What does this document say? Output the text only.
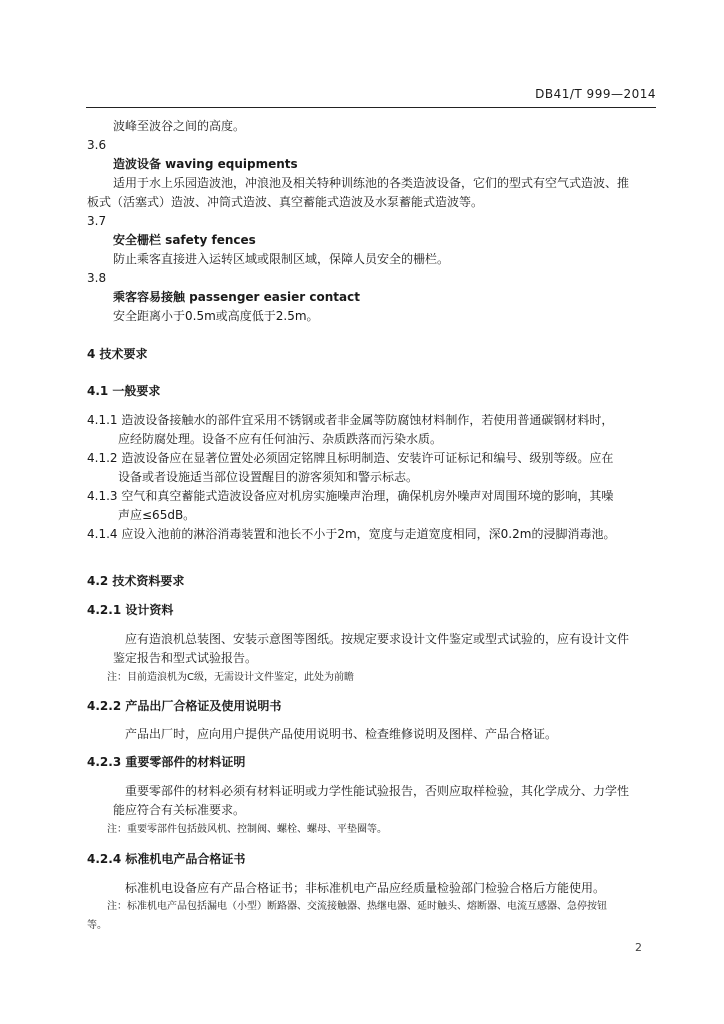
DB41/T 999—2014
波峰至波谷之间的高度。
3.6
造波设备 waving equipments
适用于水上乐园造波池，冲浪池及相关特种训练池的各类造波设备，它们的型式有空气式造波、推
板式（活塞式）造波、冲筒式造波、真空蓄能式造波及水泵蓄能式造波等。
3.7
安全栅栏 safety fences
防止乘客直接进入运转区域或限制区域，保障人员安全的栅栏。
3.8
乘客容易接触 passenger easier contact
安全距离小于0.5m或高度低于2.5m。
4 技术要求
4.1 一般要求
4.1.1 造波设备接触水的部件宜采用不锈钢或者非金属等防腐蚀材料制作，若使用普通碳钢材料时，
应经防腐处理。设备不应有任何油污、杂质跌落而污染水质。
4.1.2 造波设备应在显著位置处必须固定铭牌且标明制造、安装许可证标记和编号、级别等级。应在
设备或者设施适当部位设置醒目的游客须知和警示标志。
4.1.3 空气和真空蓄能式造波设备应对机房实施噪声治理，确保机房外噪声对周围环境的影响，其噪
声应≤65dB。
4.1.4 应设入池前的淋浴消毒装置和池长不小于2m，宽度与走道宽度相同，深0.2m的浸脚消毒池。
4.2 技术资料要求
4.2.1 设计资料
应有造浪机总装图、安装示意图等图纸。按规定要求设计文件鉴定或型式试验的，应有设计文件
鉴定报告和型式试验报告。
注：目前造浪机为C级，无需设计文件鉴定，此处为前瞻
4.2.2 产品出厂合格证及使用说明书
产品出厂时，应向用户提供产品使用说明书、检查维修说明及图样、产品合格证。
4.2.3 重要零部件的材料证明
重要零部件的材料必须有材料证明或力学性能试验报告，否则应取样检验，其化学成分、力学性
能应符合有关标准要求。
注：重要零部件包括鼓风机、控制阀、螺栓、螺母、平垫圈等。
4.2.4 标准机电产品合格证书
标准机电设备应有产品合格证书；非标准机电产品应经质量检验部门检验合格后方能使用。
注：标准机电产品包括漏电（小型）断路器、交流接触器、热继电器、延时触头、熔断器、电流互感器、急停按钮
等。
2
